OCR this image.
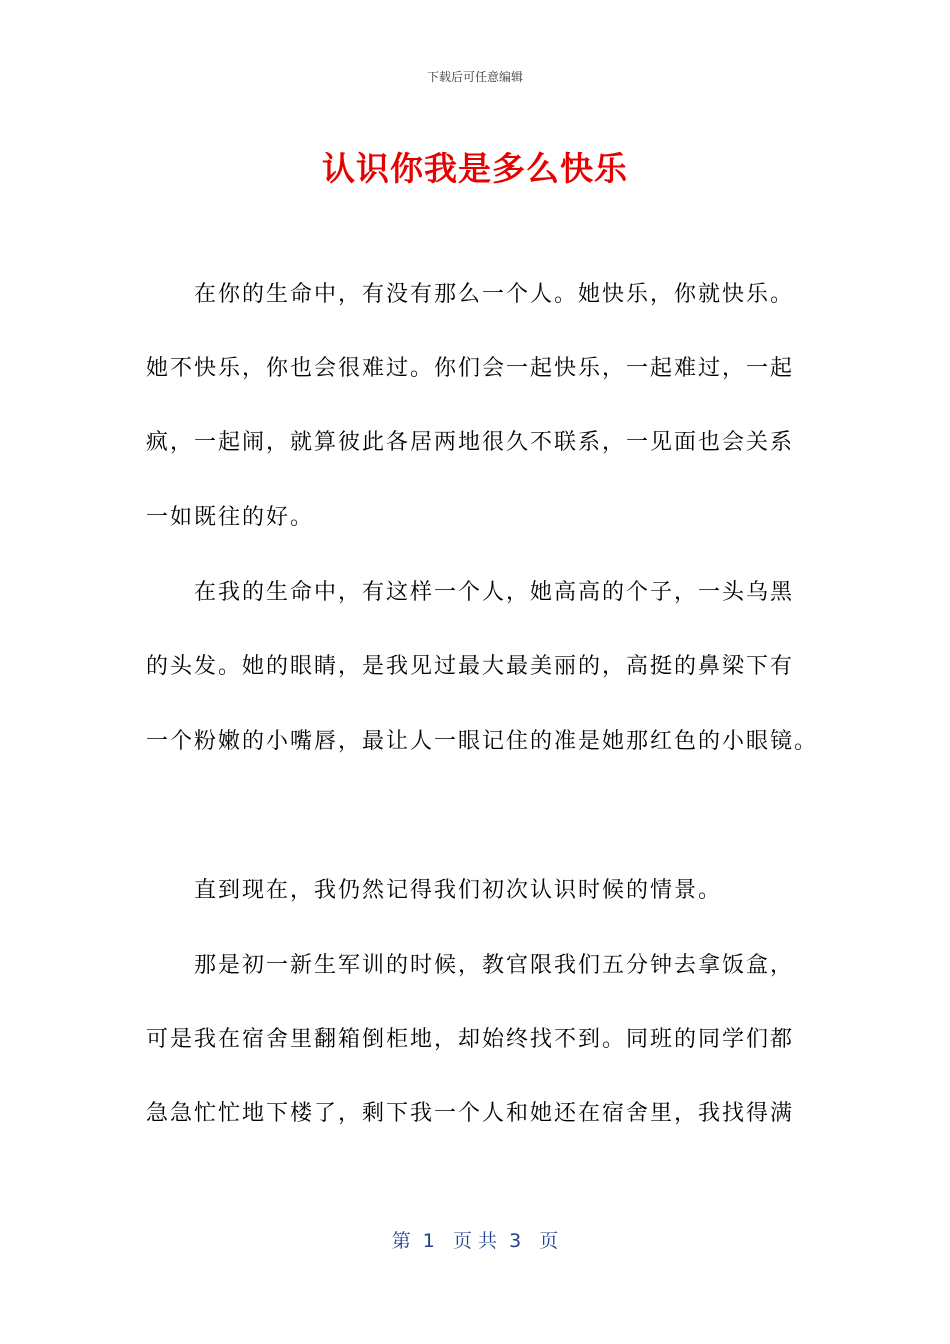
下载后可任意编辑
认识你我是多么快乐
在你的生命中，有没有那么一个人。她快乐，你就快乐。
她不快乐，你也会很难过。你们会一起快乐，一起难过，一起
疯，一起闹，就算彼此各居两地很久不联系，一见面也会关系
一如既往的好。
在我的生命中，有这样一个人，她高高的个子，一头乌黑
的头发。她的眼睛，是我见过最大最美丽的，高挺的鼻梁下有
一个粉嫩的小嘴唇，最让人一眼记住的准是她那红色的小眼镜。
直到现在，我仍然记得我们初次认识时候的情景。
那是初一新生军训的时候，教官限我们五分钟去拿饭盒，
可是我在宿舍里翻箱倒柜地，却始终找不到。同班的同学们都
急急忙忙地下楼了，剩下我一个人和她还在宿舍里，我找得满
第  1   页 共  3   页
